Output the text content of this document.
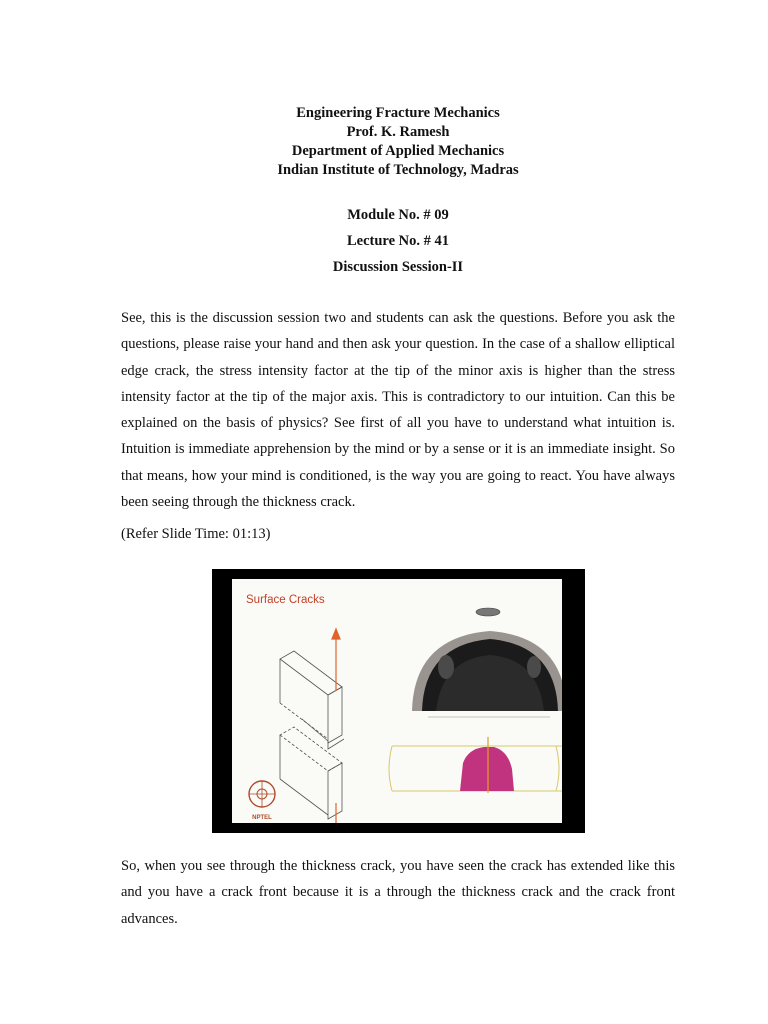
Engineering Fracture Mechanics
Prof. K. Ramesh
Department of Applied Mechanics
Indian Institute of Technology, Madras
Module No. # 09
Lecture No. # 41
Discussion Session-II

See, this is the discussion session two and students can ask the questions. Before you ask the questions, please raise your hand and then ask your question. In the case of a shallow elliptical edge crack, the stress intensity factor at the tip of the minor axis is higher than the stress intensity factor at the tip of the major axis. This is contradictory to our intuition. Can this be explained on the basis of physics? See first of all you have to understand what intuition is. Intuition is immediate apprehension by the mind or by a sense or it is an immediate insight. So that means, how your mind is conditioned, is the way you are going to react. You have always been seeing through the thickness crack.

(Refer Slide Time: 01:13)
Surface Cracks
NPTEL

So, when you see through the thickness crack, you have seen the crack has extended like this and you have a crack front because it is a through the thickness crack and the crack front advances.
